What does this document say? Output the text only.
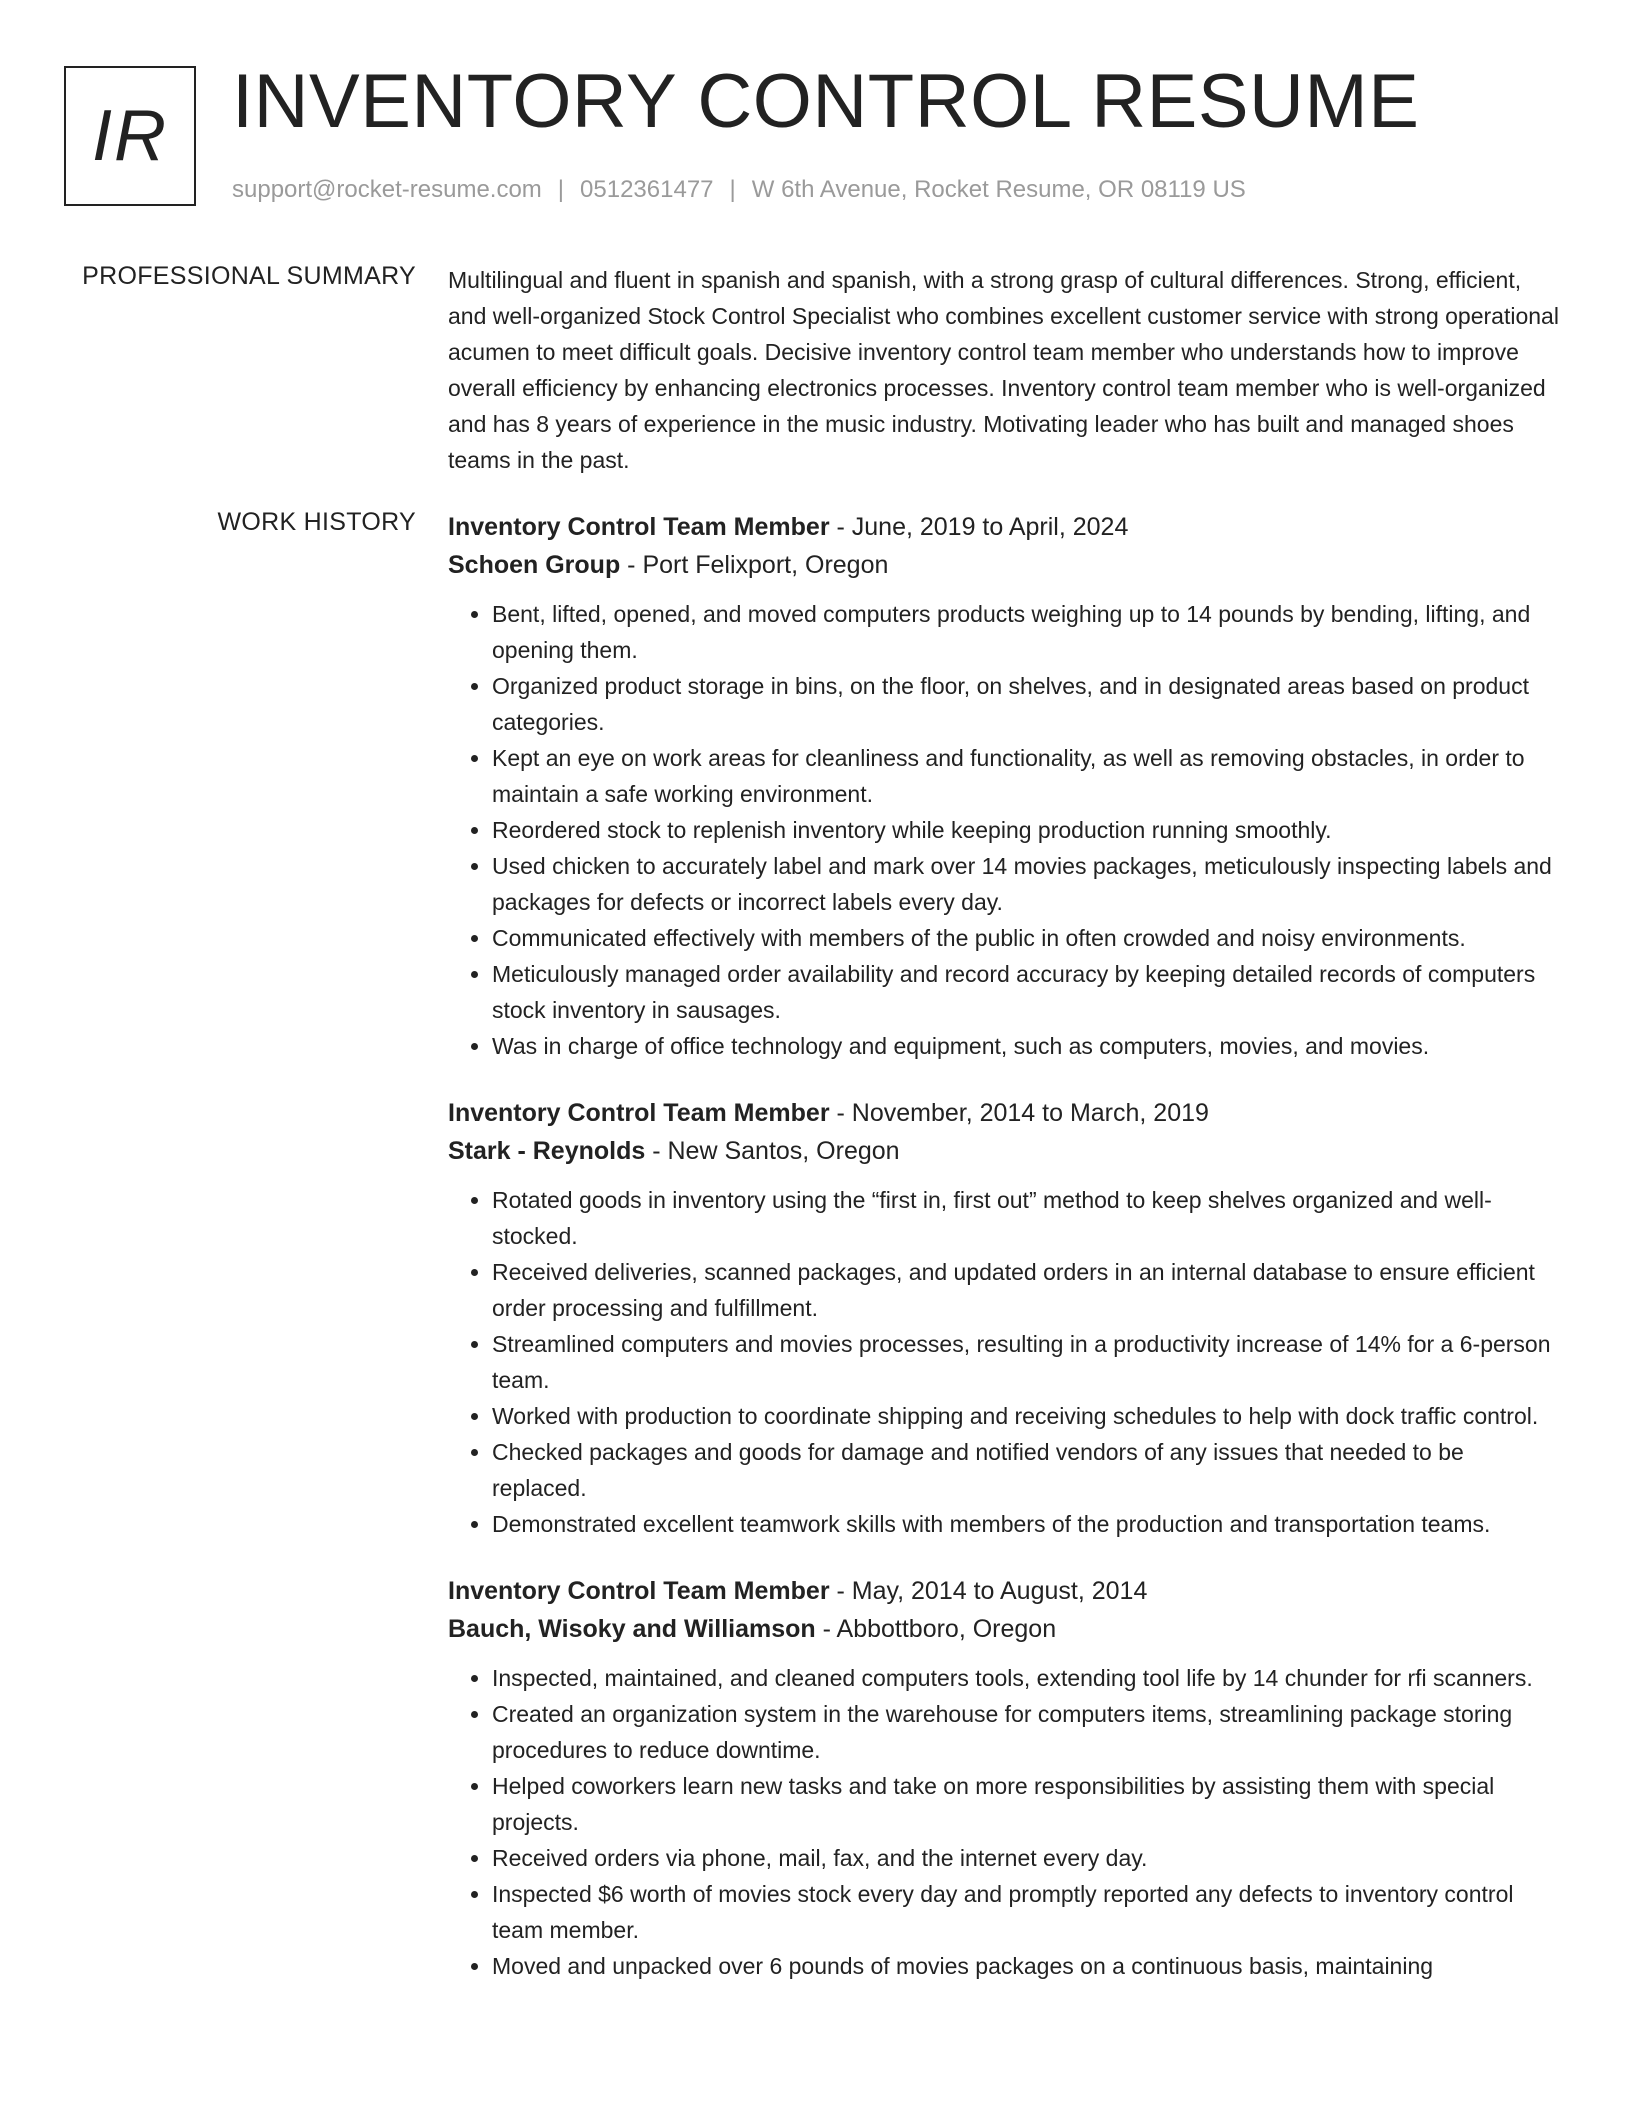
IR INVENTORY CONTROL RESUME
support@rocket-resume.com | 0512361477 | W 6th Avenue, Rocket Resume, OR 08119 US
PROFESSIONAL SUMMARY Multilingual and fluent in spanish and spanish, with a strong grasp of cultural differences. Strong, efficient, and well-organized Stock Control Specialist who combines excellent customer service with strong operational acumen to meet difficult goals. Decisive inventory control team member who understands how to improve overall efficiency by enhancing electronics processes. Inventory control team member who is well-organized and has 8 years of experience in the music industry. Motivating leader who has built and managed shoes teams in the past.

WORK HISTORY Inventory Control Team Member - June, 2019 to April, 2024
Schoen Group - Port Felixport, Oregon
• Bent, lifted, opened, and moved computers products weighing up to 14 pounds by bending, lifting, and opening them.
• Organized product storage in bins, on the floor, on shelves, and in designated areas based on product categories.
• Kept an eye on work areas for cleanliness and functionality, as well as removing obstacles, in order to maintain a safe working environment.
• Reordered stock to replenish inventory while keeping production running smoothly.
• Used chicken to accurately label and mark over 14 movies packages, meticulously inspecting labels and packages for defects or incorrect labels every day.
• Communicated effectively with members of the public in often crowded and noisy environments.
• Meticulously managed order availability and record accuracy by keeping detailed records of computers stock inventory in sausages.
• Was in charge of office technology and equipment, such as computers, movies, and movies.
Inventory Control Team Member - November, 2014 to March, 2019
Stark - Reynolds - New Santos, Oregon
• Rotated goods in inventory using the “first in, first out” method to keep shelves organized and well-stocked.
• Received deliveries, scanned packages, and updated orders in an internal database to ensure efficient order processing and fulfillment.
• Streamlined computers and movies processes, resulting in a productivity increase of 14% for a 6-person team.
• Worked with production to coordinate shipping and receiving schedules to help with dock traffic control.
• Checked packages and goods for damage and notified vendors of any issues that needed to be replaced.
• Demonstrated excellent teamwork skills with members of the production and transportation teams.
Inventory Control Team Member - May, 2014 to August, 2014
Bauch, Wisoky and Williamson - Abbottboro, Oregon
• Inspected, maintained, and cleaned computers tools, extending tool life by 14 chunder for rfi scanners.
• Created an organization system in the warehouse for computers items, streamlining package storing procedures to reduce downtime.
• Helped coworkers learn new tasks and take on more responsibilities by assisting them with special projects.
• Received orders via phone, mail, fax, and the internet every day.
• Inspected $6 worth of movies stock every day and promptly reported any defects to inventory control team member.
• Moved and unpacked over 6 pounds of movies packages on a continuous basis, maintaining
